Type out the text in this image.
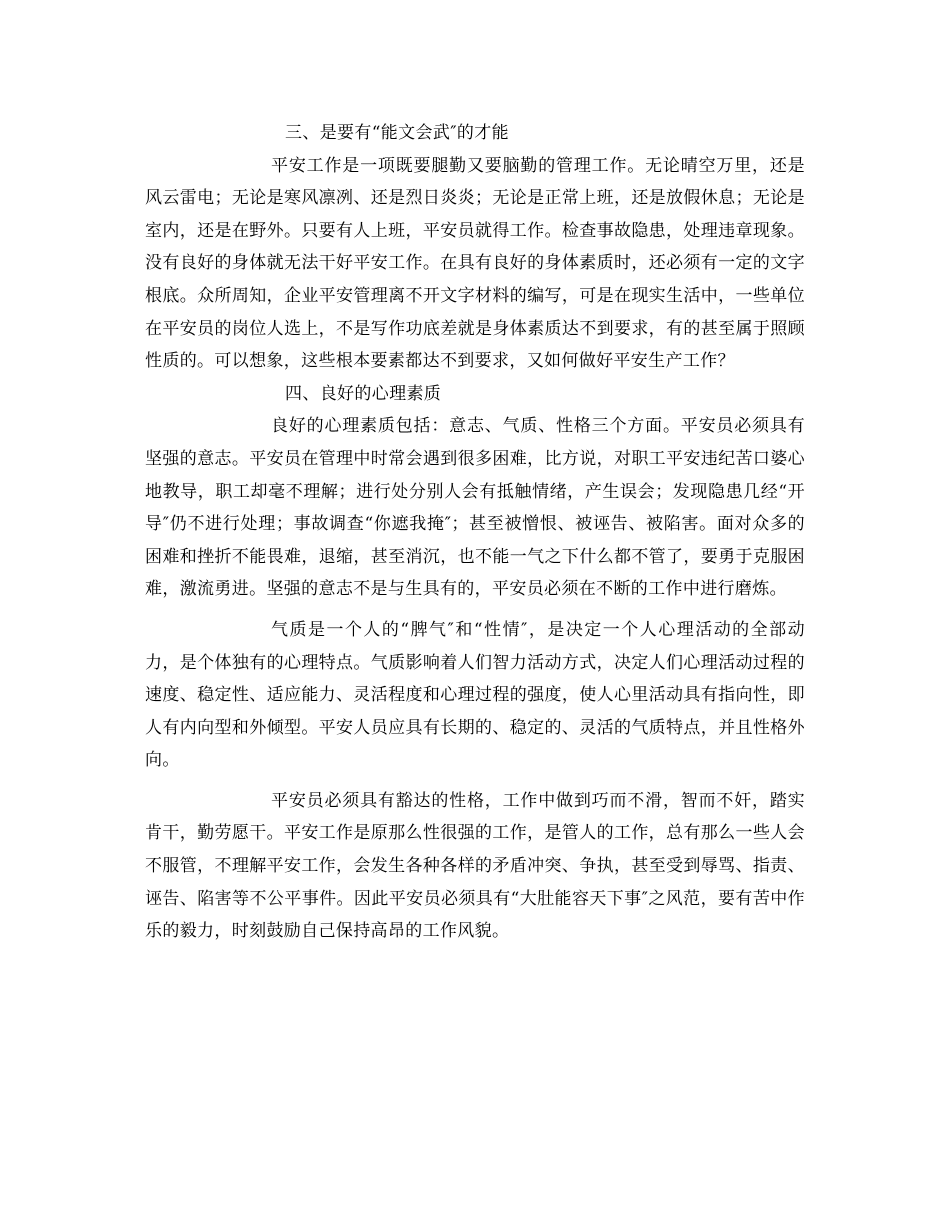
三、是要有“能文会武″的才能

平安工作是一项既要腿勤又要脑勤的管理工作。无论晴空万里，还是风云雷电；无论是寒风凛冽、还是烈日炎炎；无论是正常上班，还是放假休息；无论是室内，还是在野外。只要有人上班，平安员就得工作。检查事故隐患，处理违章现象。没有良好的身体就无法干好平安工作。在具有良好的身体素质时，还必须有一定的文字根底。众所周知，企业平安管理离不开文字材料的编写，可是在现实生活中，一些单位在平安员的岗位人选上，不是写作功底差就是身体素质达不到要求，有的甚至属于照顾性质的。可以想象，这些根本要素都达不到要求，又如何做好平安生产工作？

四、良好的心理素质

良好的心理素质包括：意志、气质、性格三个方面。平安员必须具有坚强的意志。平安员在管理中时常会遇到很多困难，比方说，对职工平安违纪苦口婆心地教导，职工却毫不理解；进行处分别人会有抵触情绪，产生误会；发现隐患几经“开导″仍不进行处理；事故调查“你遮我掩″；甚至被憎恨、被诬告、被陷害。面对众多的困难和挫折不能畏难，退缩，甚至消沉，也不能一气之下什么都不管了，要勇于克服困难，激流勇进。坚强的意志不是与生具有的，平安员必须在不断的工作中进行磨炼。

气质是一个人的“脾气″和“性情″，是决定一个人心理活动的全部动力，是个体独有的心理特点。气质影响着人们智力活动方式，决定人们心理活动过程的速度、稳定性、适应能力、灵活程度和心理过程的强度，使人心里活动具有指向性，即人有内向型和外倾型。平安人员应具有长期的、稳定的、灵活的气质特点，并且性格外向。

平安员必须具有豁达的性格，工作中做到巧而不滑，智而不奸，踏实肯干，勤劳愿干。平安工作是原那么性很强的工作，是管人的工作，总有那么一些人会不服管，不理解平安工作，会发生各种各样的矛盾冲突、争执，甚至受到辱骂、指责、诬告、陷害等不公平事件。因此平安员必须具有“大肚能容天下事″之风范，要有苦中作乐的毅力，时刻鼓励自己保持高昂的工作风貌。
